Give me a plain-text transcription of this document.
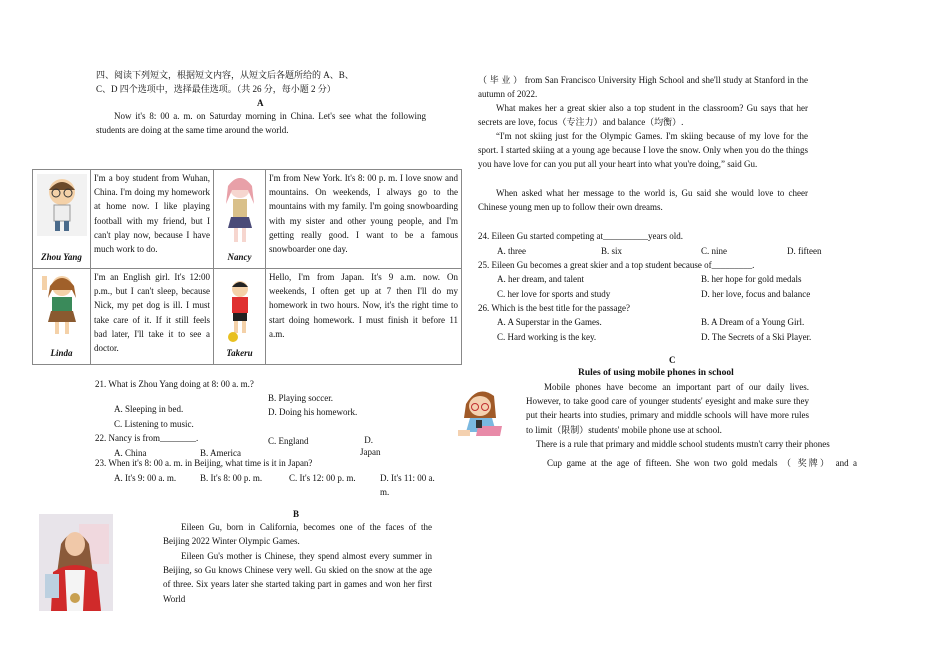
四、阅读下列短文，根据短文内容，从短文后各题所给的 A、B、
C、D 四个选项中，选择最佳选项。（共 26 分，每小题 2 分）
A
Now it's 8: 00 a. m. on Saturday morning in China. Let's see what the following students are doing at the same time around the world.
Zhou Yang	I'm a boy student from Wuhan, China. I'm doing my homework at home now. I like playing football with my friend, but I can't play now, because I have much work to do.	Nancy	I'm from New York. It's 8: 00 p. m. I love snow and mountains. On weekends, I always go to the mountains with my family. I'm going snowboarding with my sister and other young people, and I'm getting really good. I want to be a famous snowboarder one day.

Linda	I'm an English girl. It's 12:00 p.m., but I can't sleep, because Nick, my pet dog is ill. I must take care of it. If it still feels bad later, I'll take it to see a doctor.	Takeru	Hello, I'm from Japan. It's 9 a.m. now. On weekends, I often get up at 7 then I'll do my homework in two hours. Now, it's the right time to start doing homework. I must finish it before 11 a.m.
21. What is Zhou Yang doing at 8: 00 a. m.?
A. Sleeping in bed.
B. Playing soccer.
C. Listening to music.
D. Doing his homework.
22. Nancy is from________.
A. China	B. America
C. England	D. Japan
23. When it's 8: 00 a. m. in Beijing, what time is it in Japan?
A. It's 9: 00 a. m.	B. It's 8: 00 p. m.	C. It's 12: 00 p. m.	D. It's 11: 00 a. m.
B
Eileen Gu, born in California, becomes one of the faces of the Beijing 2022 Winter Olympic Games.
Eileen Gu's mother is Chinese, they spend almost every summer in Beijing, so Gu knows Chinese very well. Gu skied on the snow at the age of three. Six years later she started taking part in games and won her first World
（ 毕 业 ） from San Francisco University High School and she'll study at Stanford in the autumn of 2022.
What makes her a great skier also a top student in the classroom? Gu says that her secrets are love, focus（专注力）and balance（均衡）.
“I'm not skiing just for the Olympic Games. I'm skiing because of my love for the sport. I started skiing at a young age because I love the snow. Only when you do the things you have love for can you put all your heart into what you're doing,” said Gu.
When asked what her message to the world is, Gu said she would love to cheer Chinese young men up to follow their own dreams.
24. Eileen Gu started competing at__________years old.
A. three	B. six	C. nine	D. fifteen
25. Eileen Gu becomes a great skier and a top student because of_________.
A. her dream, and talent	B. her hope for gold medals
C. her love for sports and study	D. her love, focus and balance
26. Which is the best title for the passage?
A. A Superstar in the Games.	B. A Dream of a Young Girl.
C. Hard working is the key.	D. The Secrets of a Ski Player.
C
Rules of using mobile phones in school
Mobile phones have become an important part of our daily lives. However, to take good care of younger students' eyesight and make sure they put their hearts into studies, primary and middle schools will have more rules to limit（限制）students' mobile phone use at school.
There is a rule that primary and middle school students mustn't carry their phones
Cup game at the age of fifteen. She won two gold medals （ 奖牌） and a
